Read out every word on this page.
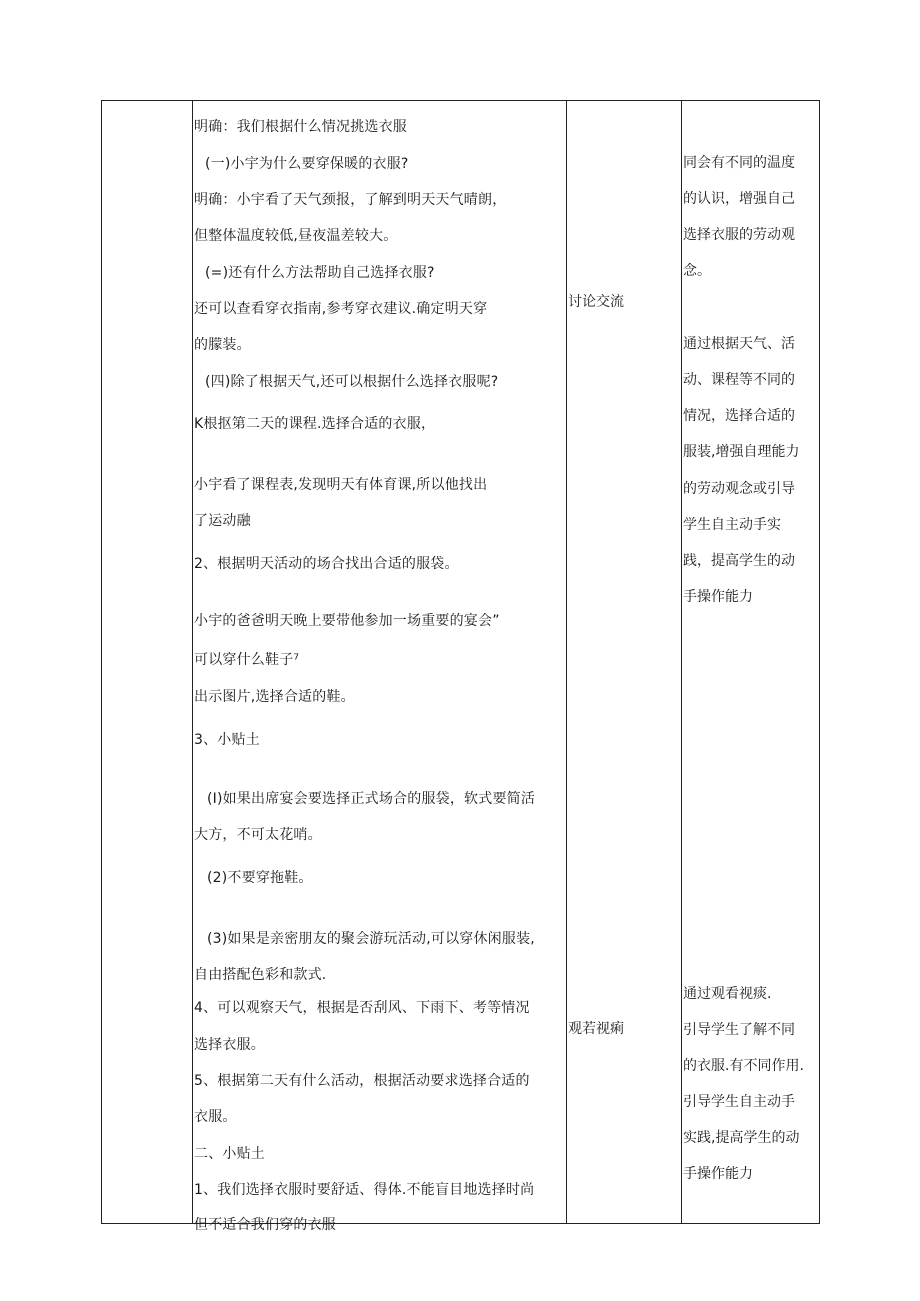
明确：我们根据什么情况挑选衣服
(一)小宇为什么要穿保暖的衣服?
明确：小宇看了天气颈报，了解到明天天气晴朗，
但整体温度较低,昼夜温差较大。
(=)还有什么方法帮助自己选择衣服?
还可以查看穿衣指南,参考穿衣建议.确定明天穿
的朦装。
(四)除了根据天气,还可以根据什么选择衣服呢?
K根抠第二天的课程.选择合适的衣服，
小宇看了课程表,发现明天有体育课,所以他找出
了运动融
2、根据明天活动的场合找出合适的服袋。
小宇的爸爸明天晚上要带他参加一场重要的宴会”
可以穿什么鞋子⁷
出示图片,选择合适的鞋。
3、小贴土
(I)如果出席宴会要选择正式场合的服袋，软式要简活
大方，不可太花哨。
(2)不要穿拖鞋。
(3)如果是亲密朋友的聚会游玩活动,可以穿休闲服装,
自由搭配色彩和款式.
4、可以观察天气，根据是否刮风、下雨下、考等情况
选择衣服。
5、根据第二天有什么活动，根据活动要求选择合适的
衣服。
二、小贴土
1、我们选择衣服时要舒适、得体.不能盲目地选择时尚
但不适合我们穿的衣服
讨论交流
观若视痢
同会有不同的温度
的认识，增强自己
选择衣服的劳动观
念。
通过根据天气、活
动、课程等不同的
情况，选择合适的
服装,增强自理能力
的劳动观念或引导
学生自主动手实
践，提高学生的动
手操作能力
通过观看视痰.
引导学生了解不同
的衣服.有不同作用.
引导学生自主动手
实践,提高学生的动
手操作能力
